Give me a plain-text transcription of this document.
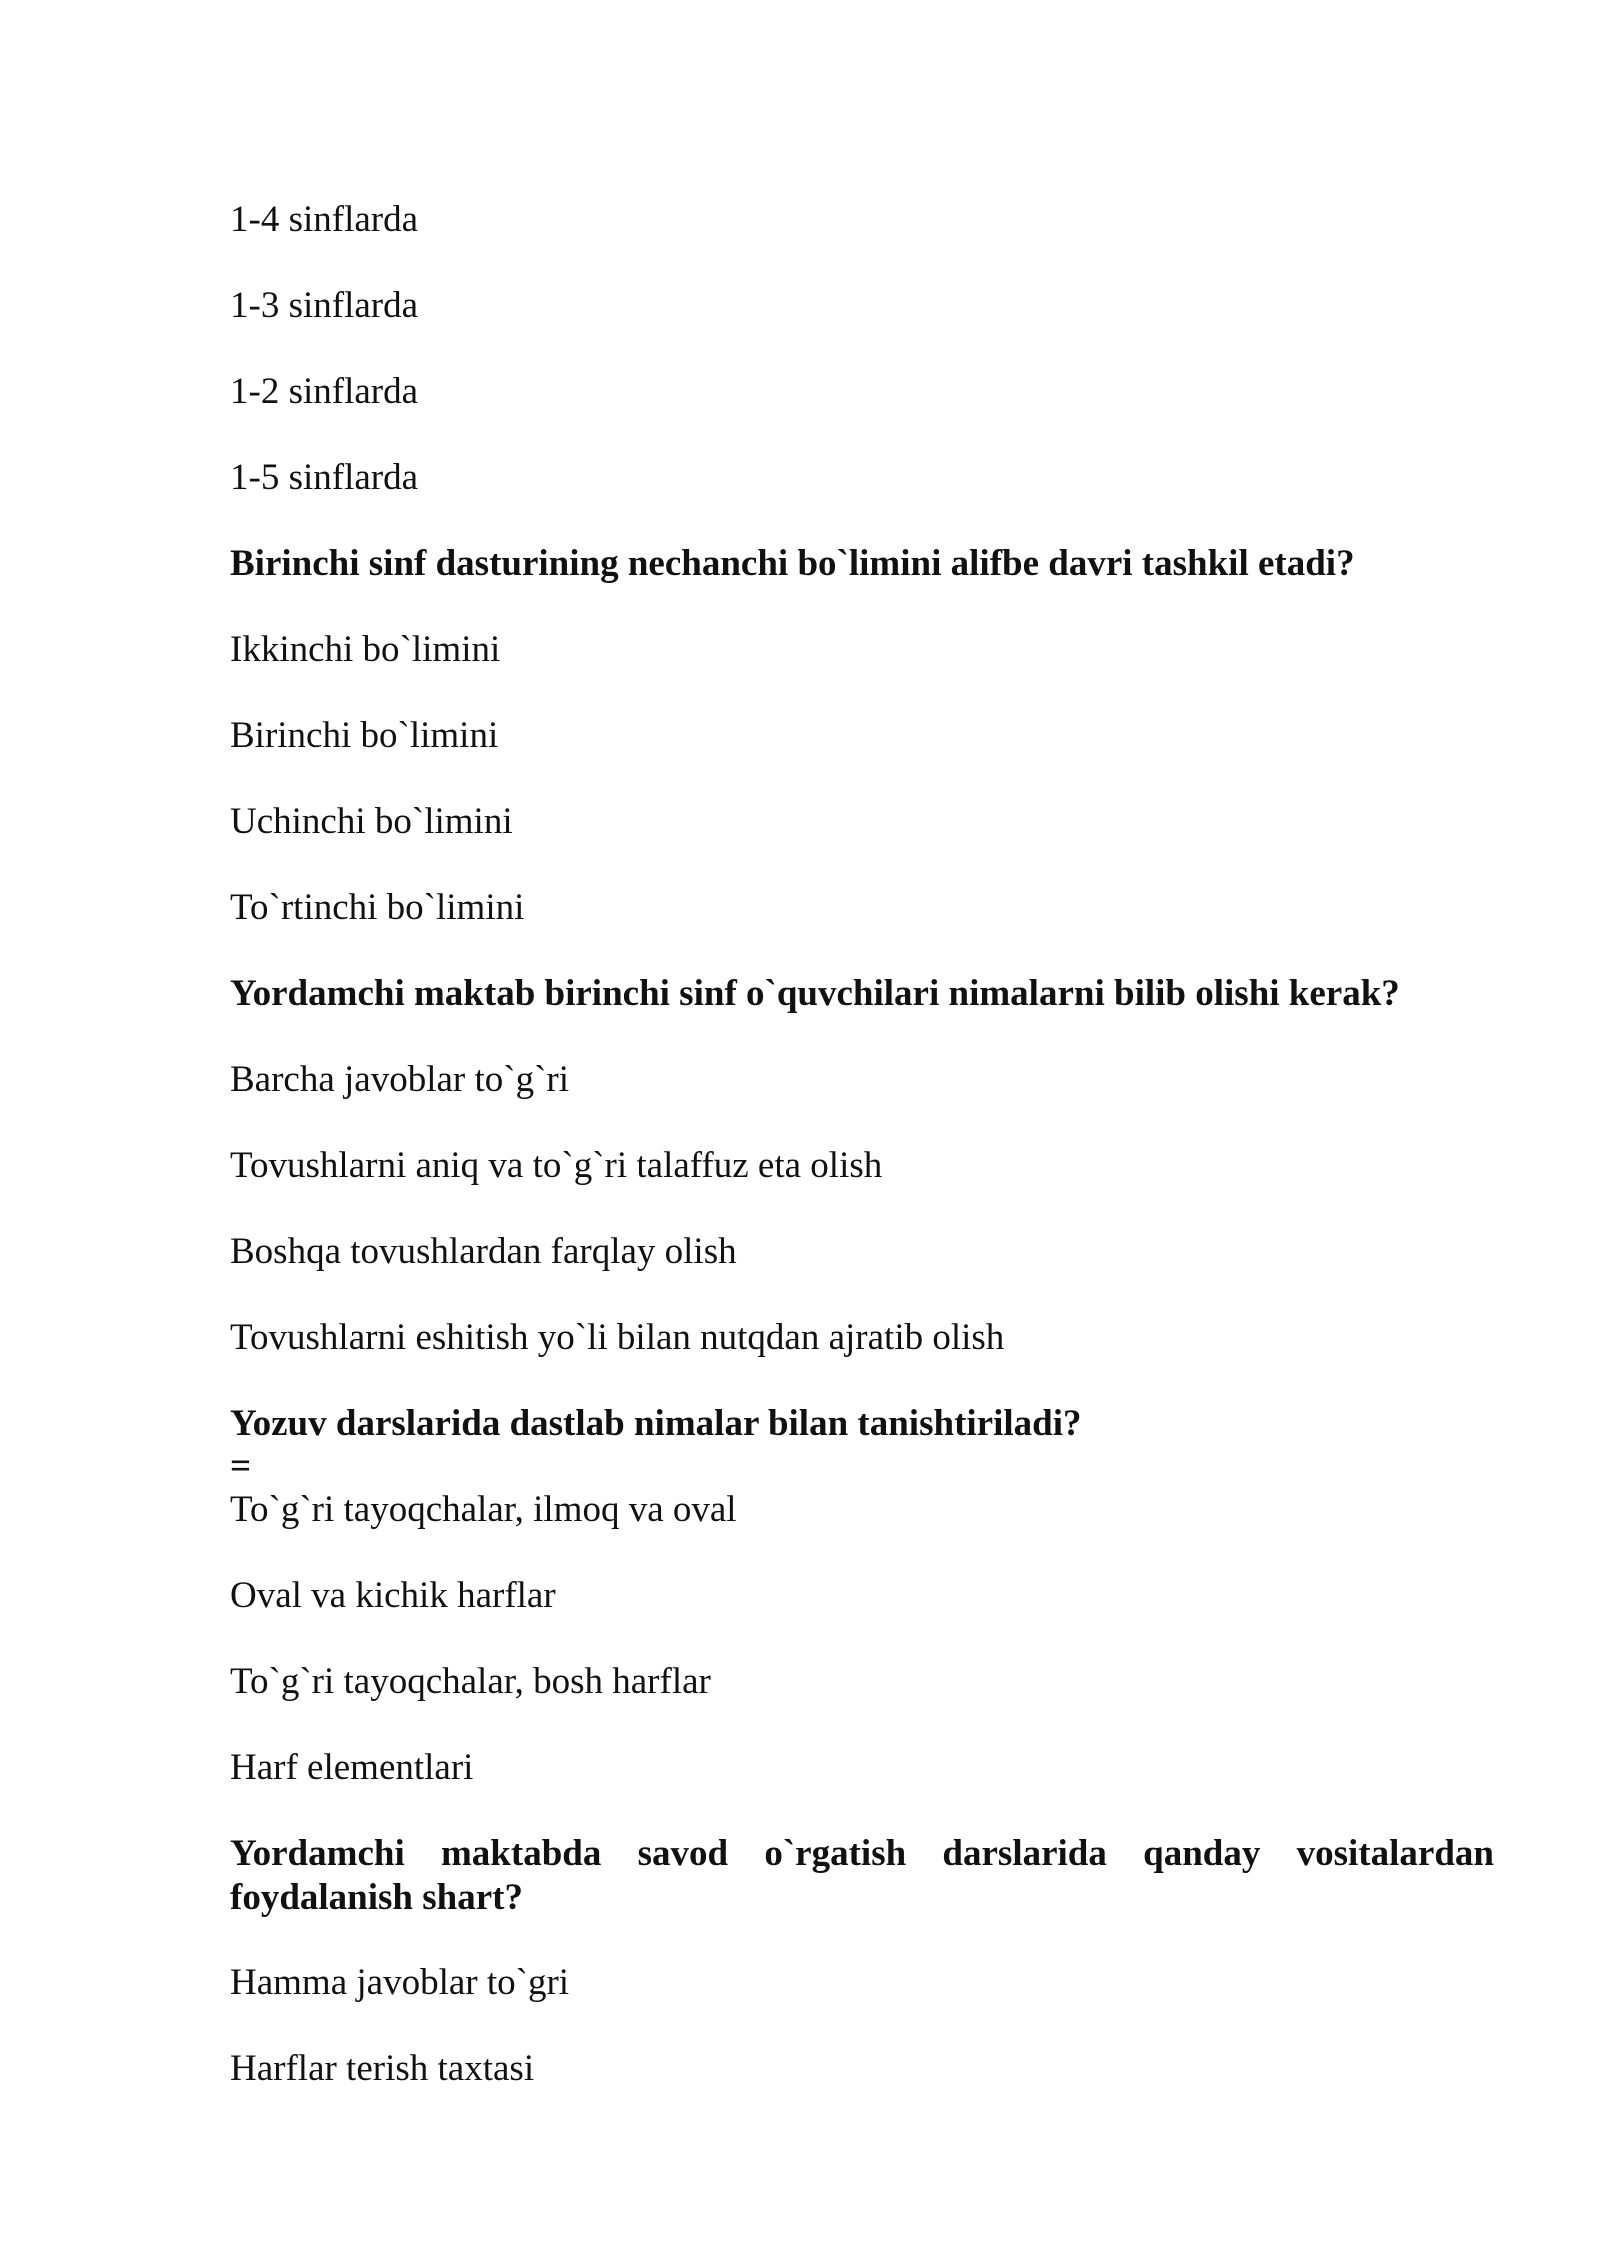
1-4 sinflarda

1-3 sinflarda

1-2 sinflarda

1-5 sinflarda

Birinchi sinf dasturining nechanchi bo`limini alifbe davri tashkil etadi?

Ikkinchi bo`limini

Birinchi bo`limini

Uchinchi bo`limini

To`rtinchi bo`limini

Yordamchi maktab birinchi sinf o`quvchilari nimalarni bilib olishi kerak?

Barcha javoblar to`g`ri

Tovushlarni aniq va to`g`ri talaffuz eta olish

Boshqa tovushlardan farqlay olish

Tovushlarni eshitish yo`li bilan nutqdan ajratib olish

Yozuv darslarida dastlab nimalar bilan tanishtiriladi?

=

To`g`ri tayoqchalar, ilmoq va oval

Oval va kichik harflar

To`g`ri tayoqchalar, bosh harflar

Harf elementlari

Yordamchi maktabda savod o`rgatish darslarida qanday vositalardan
foydalanish shart?

Hamma javoblar to`gri

Harflar terish taxtasi
